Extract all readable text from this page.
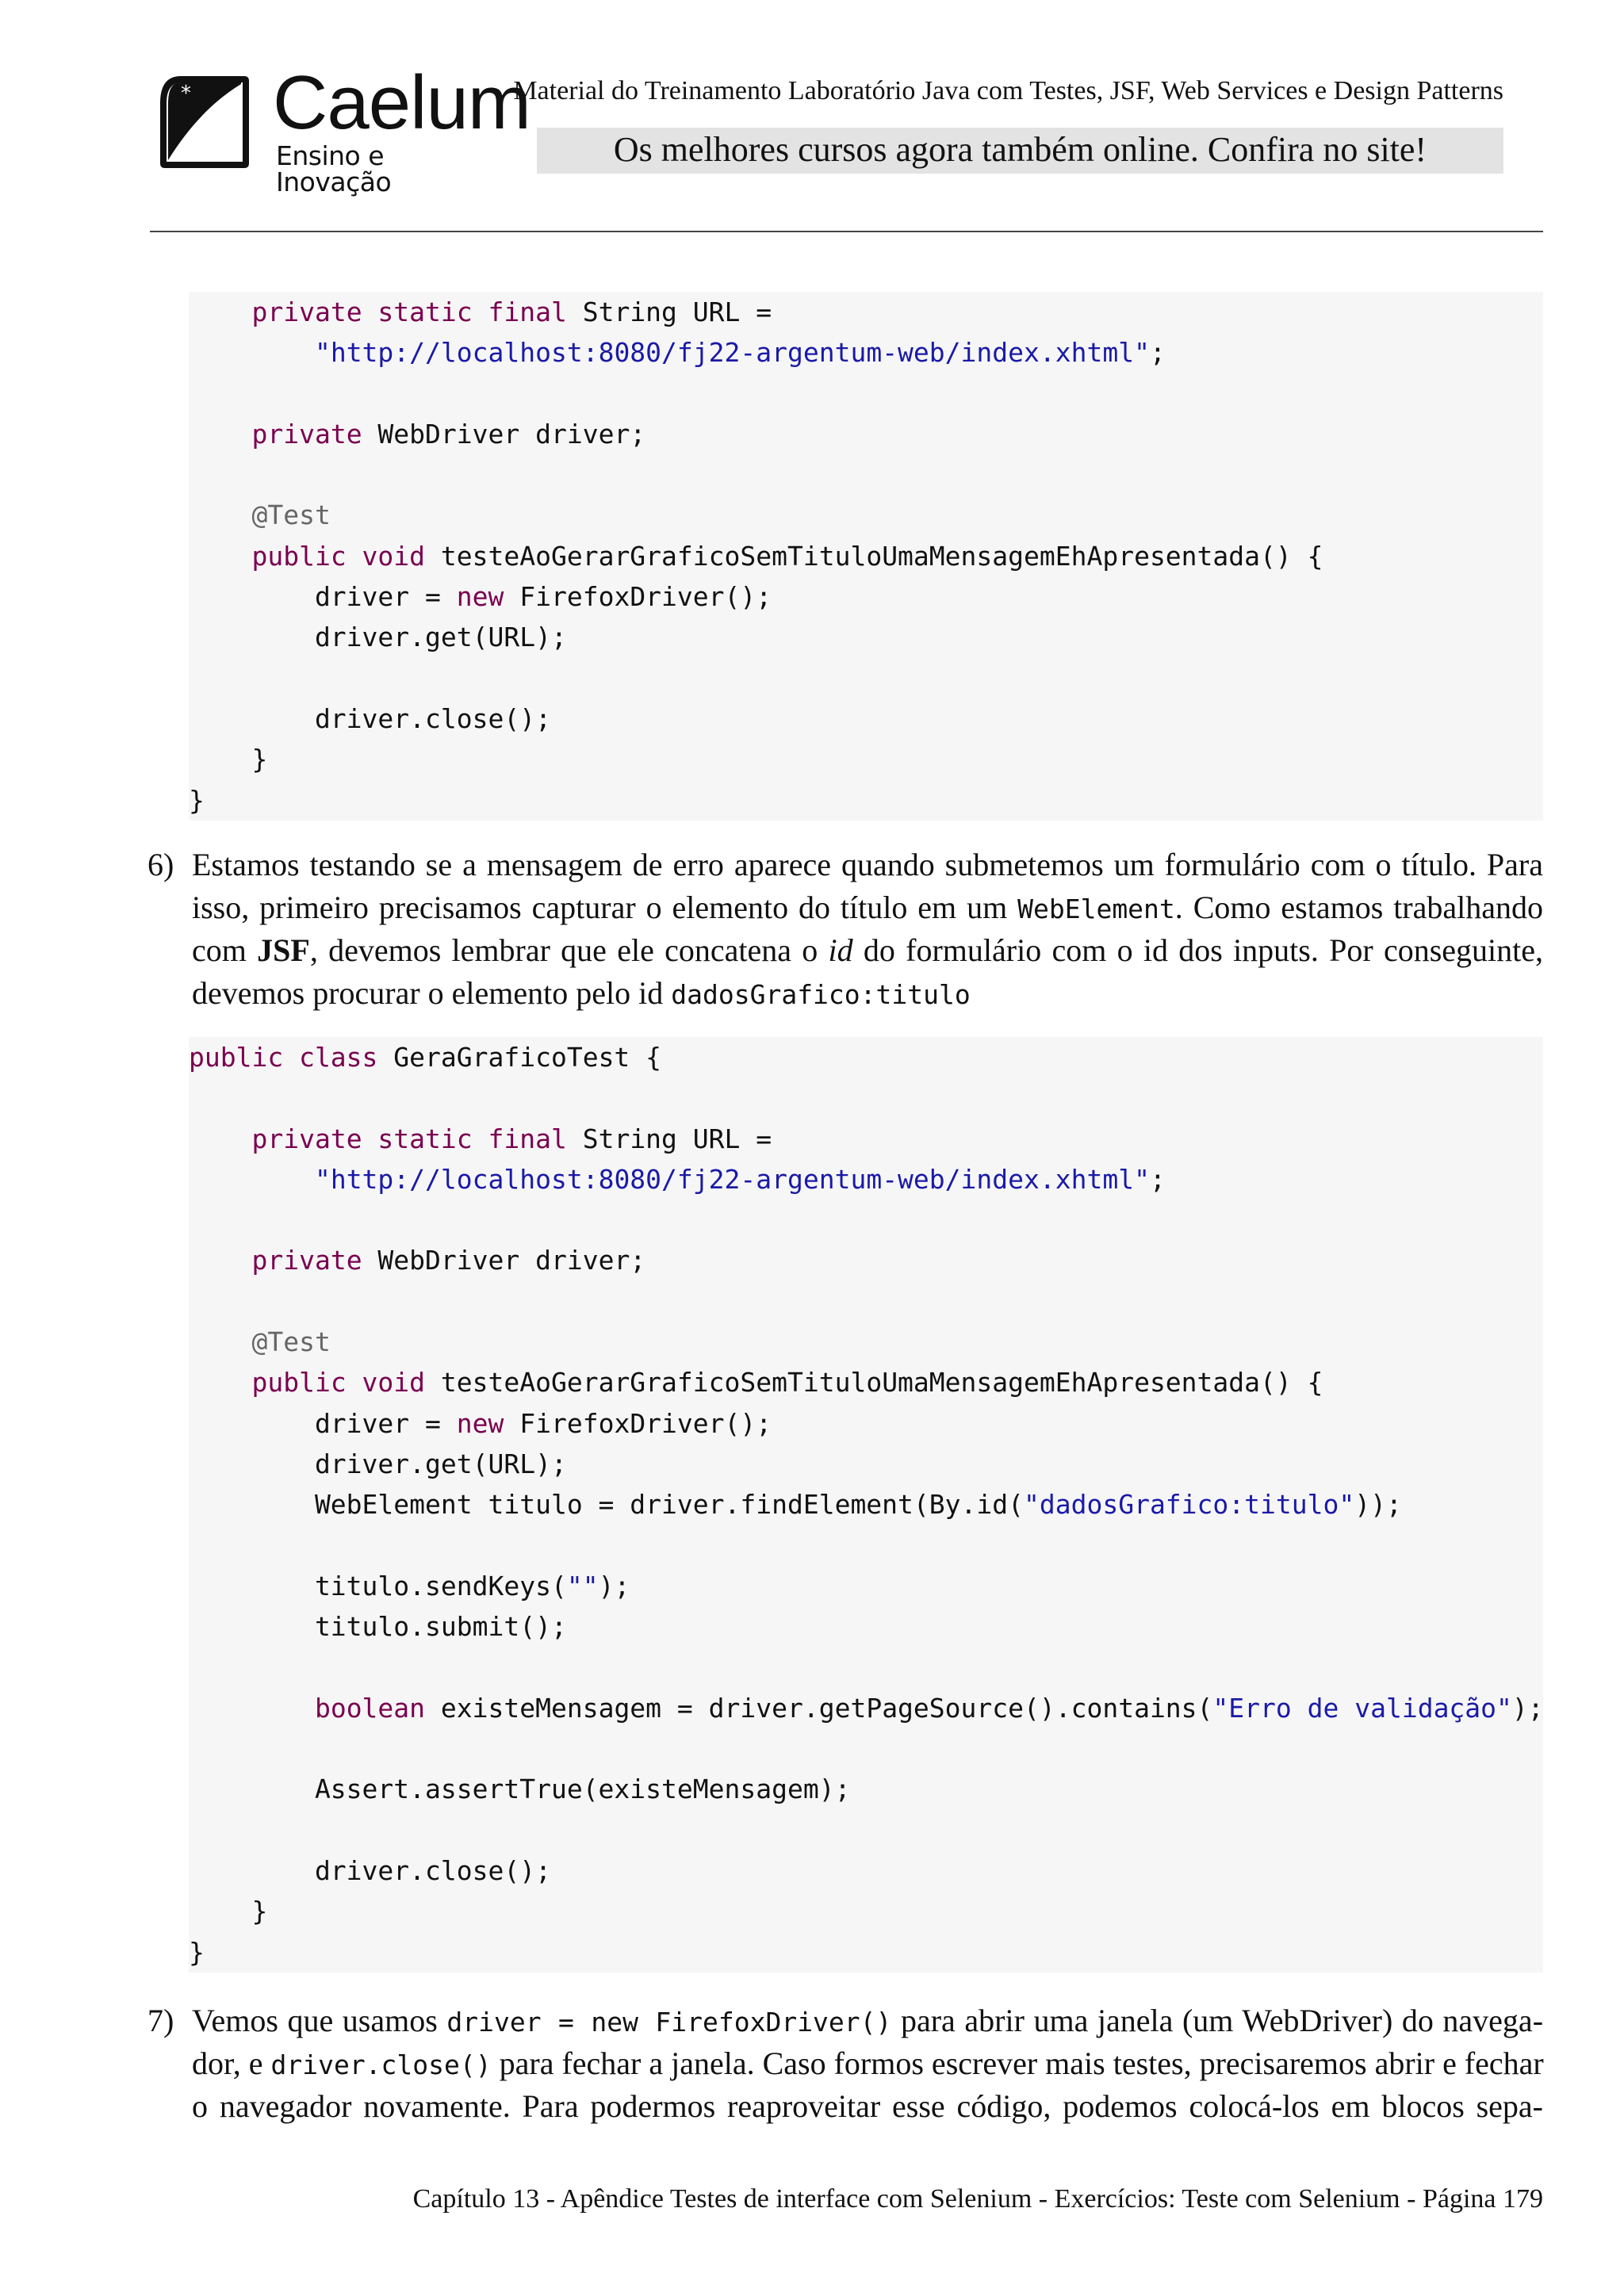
* Caelum
Ensino e Inovação
Material do Treinamento Laboratório Java com Testes, JSF, Web Services e Design Patterns
Os melhores cursos agora também online. Confira no site!
private static final String URL =
"http://localhost:8080/fj22-argentum-web/index.xhtml";
private WebDriver driver;
@Test
public void testeAoGerarGraficoSemTituloUmaMensagemEhApresentada() {
driver = new FirefoxDriver();
driver.get(URL);
driver.close();
}
}
6) Estamos testando se a mensagem de erro aparece quando submetemos um formulário com o título. Para
isso, primeiro precisamos capturar o elemento do título em um WebElement. Como estamos trabalhando
com JSF, devemos lembrar que ele concatena o id do formulário com o id dos inputs. Por conseguinte,
devemos procurar o elemento pelo id dadosGrafico:titulo
public class GeraGraficoTest {
private static final String URL =
"http://localhost:8080/fj22-argentum-web/index.xhtml";
private WebDriver driver;
@Test
public void testeAoGerarGraficoSemTituloUmaMensagemEhApresentada() {
driver = new FirefoxDriver();
driver.get(URL);
WebElement titulo = driver.findElement(By.id("dadosGrafico:titulo"));
titulo.sendKeys("");
titulo.submit();
boolean existeMensagem = driver.getPageSource().contains("Erro de validação");
Assert.assertTrue(existeMensagem);
driver.close();
}
}
7) Vemos que usamos driver = new FirefoxDriver() para abrir uma janela (um WebDriver) do navega-
dor, e driver.close() para fechar a janela. Caso formos escrever mais testes, precisaremos abrir e fechar
o navegador novamente. Para podermos reaproveitar esse código, podemos colocá-los em blocos sepa-
Capítulo 13 - Apêndice Testes de interface com Selenium - Exercícios: Teste com Selenium - Página 179
